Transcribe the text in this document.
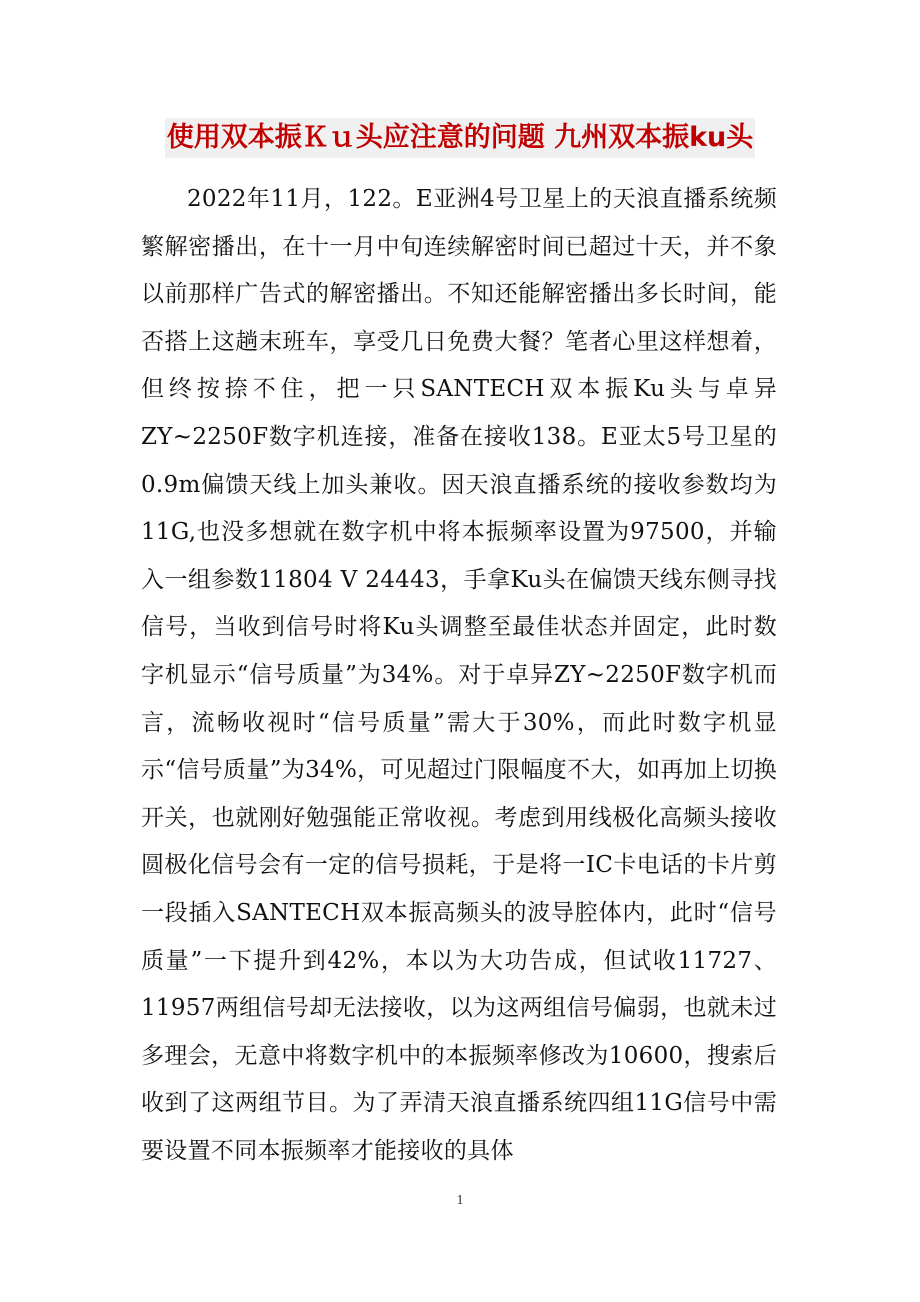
使用双本振Ｋｕ头应注意的问题 九州双本振ku头

2022年11月，122。E亚洲4号卫星上的天浪直播系统频繁解密播出，在十一月中旬连续解密时间已超过十天，并不象以前那样广告式的解密播出。不知还能解密播出多长时间，能否搭上这趟末班车，享受几日免费大餐？笔者心里这样想着，但终按捺不住，把一只SANTECH双本振Ku头与卓异ZY~2250F数字机连接，准备在接收138。E亚太5号卫星的0.9m偏馈天线上加头兼收。因天浪直播系统的接收参数均为11G,也没多想就在数字机中将本振频率设置为97500，并输入一组参数11804 V 24443，手拿Ku头在偏馈天线东侧寻找信号，当收到信号时将Ku头调整至最佳状态并固定，此时数字机显示“信号质量”为34%。对于卓异ZY~2250F数字机而言，流畅收视时“信号质量”需大于30%，而此时数字机显示“信号质量”为34%，可见超过门限幅度不大，如再加上切换开关，也就刚好勉强能正常收视。考虑到用线极化高频头接收圆极化信号会有一定的信号损耗，于是将一IC卡电话的卡片剪一段插入SANTECH双本振高频头的波导腔体内，此时“信号质量”一下提升到42%，本以为大功告成，但试收11727、11957两组信号却无法接收，以为这两组信号偏弱，也就未过多理会，无意中将数字机中的本振频率修改为10600，搜索后收到了这两组节目。为了弄清天浪直播系统四组11G信号中需要设置不同本振频率才能接收的具体

1
